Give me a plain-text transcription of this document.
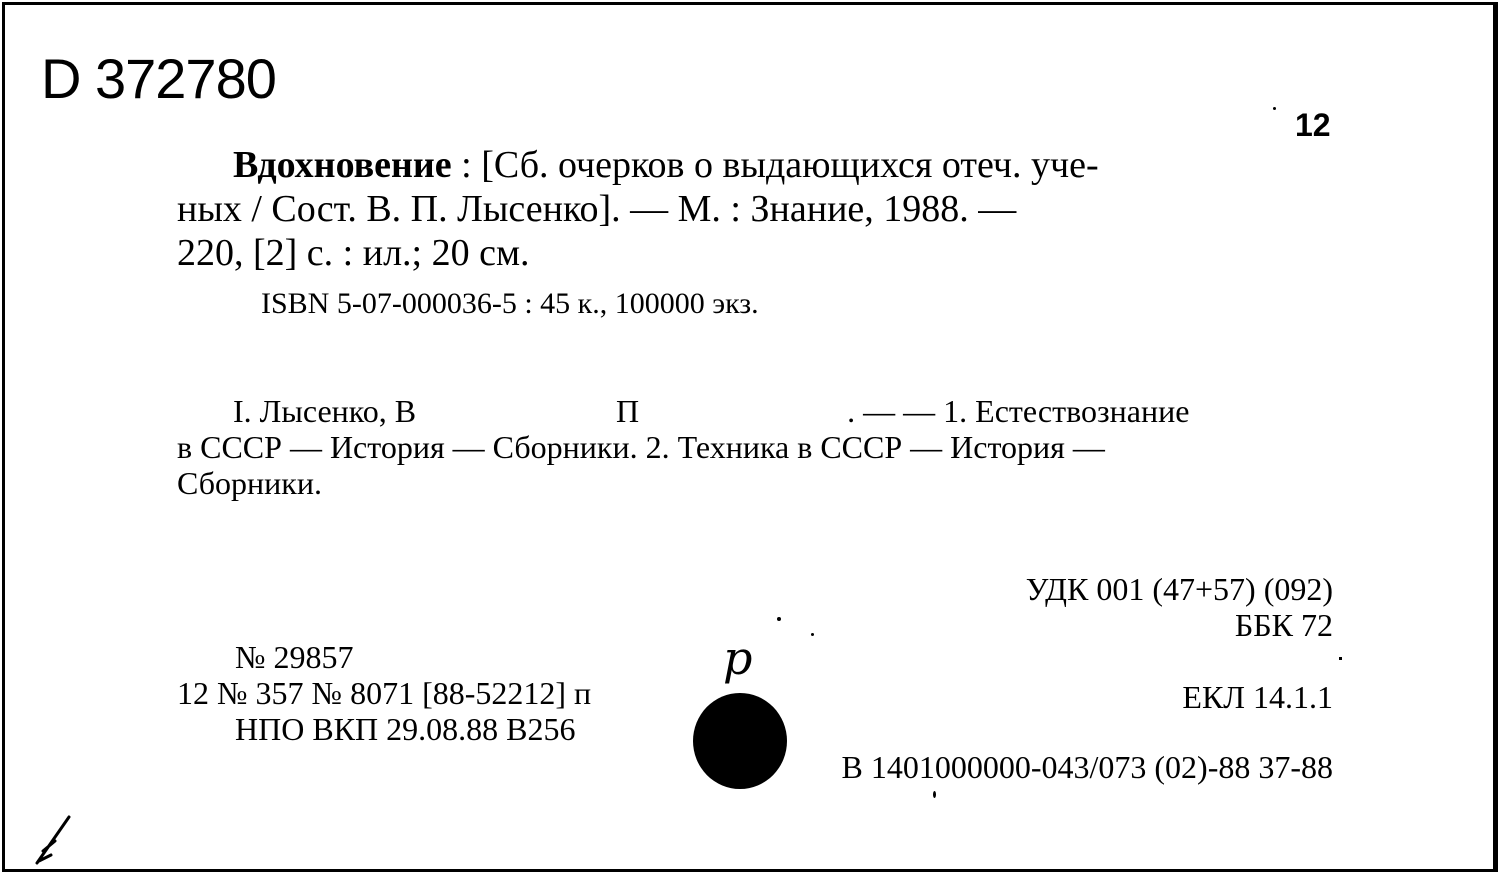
D 372780
12
Вдохновение : [Сб. очерков о выдающихся отеч. уче-
ных / Сост. В. П. Лысенко]. — М. : Знание, 1988. —
220, [2] с. : ил.; 20 см.
ISBN 5-07-000036-5 : 45 к., 100000 экз.
I. Лысенко, В	П	. — — 1. Естествознание
в СССР — История — Сборники. 2. Техника в СССР — История —
Сборники.
УДК 001 (47+57) (092)
ББК 72
ЕКЛ 14.1.1
№ 29857
12 № 357 № 8071 [88-52212] п
НПО ВКП 29.08.88 В256
р
В 1401000000-043/073 (02)-88 37-88
